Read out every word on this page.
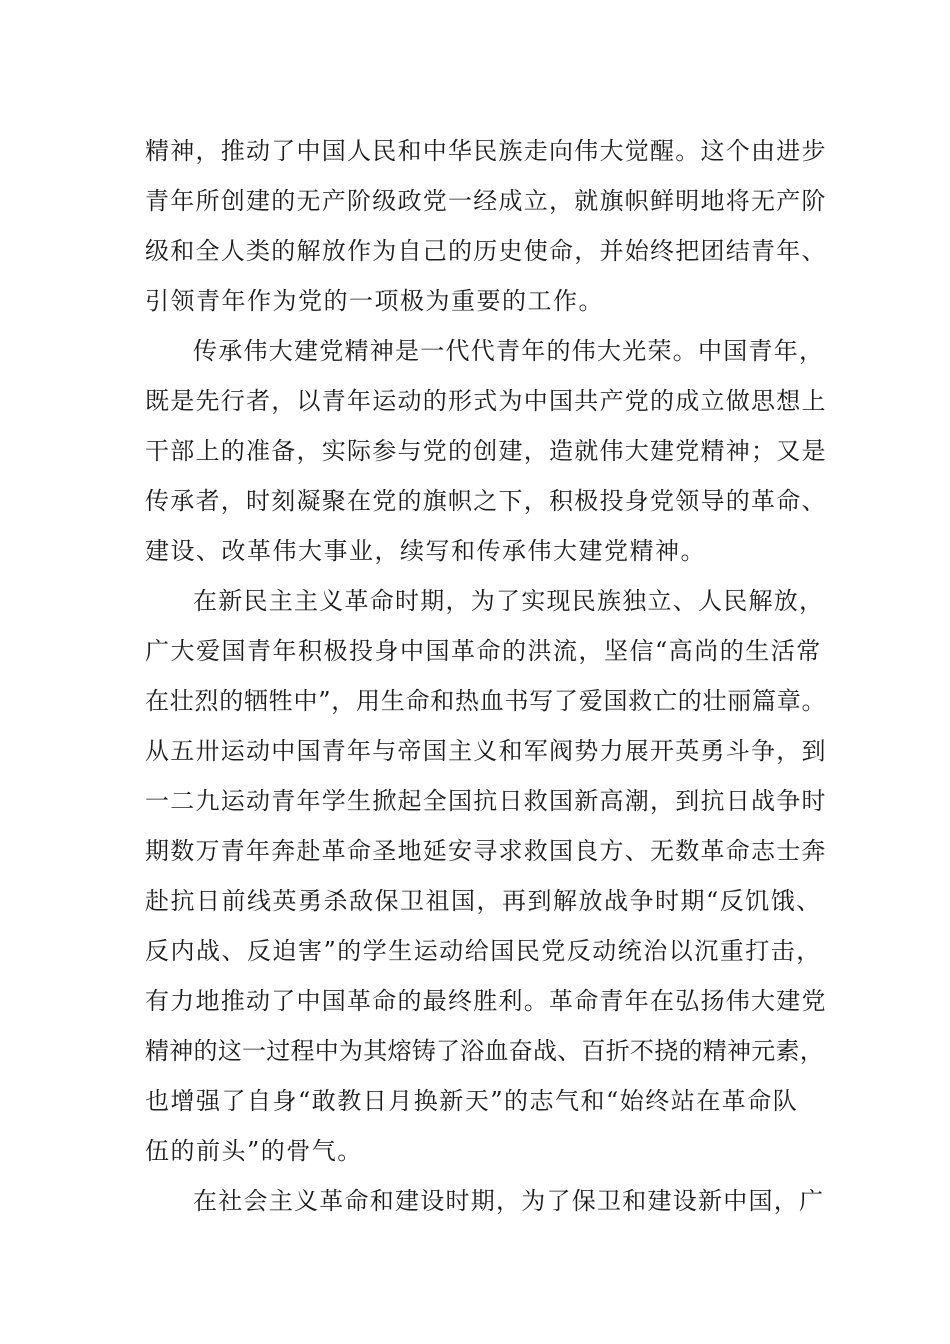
精神，推动了中国人民和中华民族走向伟大觉醒。这个由进步

青年所创建的无产阶级政党一经成立，就旗帜鲜明地将无产阶

级和全人类的解放作为自己的历史使命，并始终把团结青年、

引领青年作为党的一项极为重要的工作。

传承伟大建党精神是一代代青年的伟大光荣。中国青年，

既是先行者，以青年运动的形式为中国共产党的成立做思想上

干部上的准备，实际参与党的创建，造就伟大建党精神；又是

传承者，时刻凝聚在党的旗帜之下，积极投身党领导的革命、

建设、改革伟大事业，续写和传承伟大建党精神。

在新民主主义革命时期，为了实现民族独立、人民解放，

广大爱国青年积极投身中国革命的洪流，坚信“高尚的生活常

在壮烈的牺牲中”，用生命和热血书写了爱国救亡的壮丽篇章。

从五卅运动中国青年与帝国主义和军阀势力展开英勇斗争，到

一二九运动青年学生掀起全国抗日救国新高潮，到抗日战争时

期数万青年奔赴革命圣地延安寻求救国良方、无数革命志士奔

赴抗日前线英勇杀敌保卫祖国，再到解放战争时期“反饥饿、

反内战、反迫害”的学生运动给国民党反动统治以沉重打击，

有力地推动了中国革命的最终胜利。革命青年在弘扬伟大建党

精神的这一过程中为其熔铸了浴血奋战、百折不挠的精神元素，

也增强了自身“敢教日月换新天”的志气和“始终站在革命队

伍的前头”的骨气。

在社会主义革命和建设时期，为了保卫和建设新中国，广
